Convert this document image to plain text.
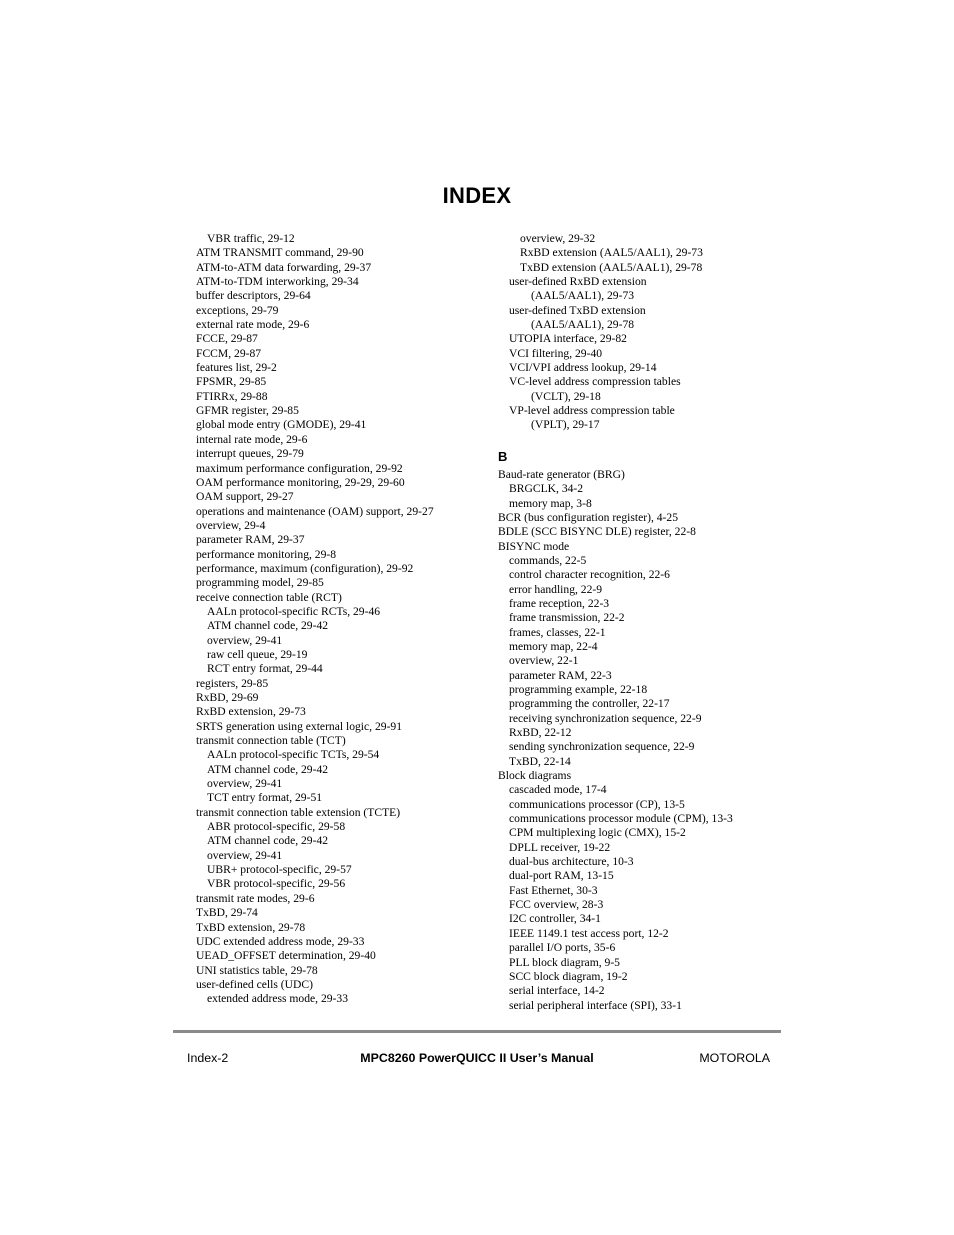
INDEX
VBR traffic, 29-12
ATM TRANSMIT command, 29-90
ATM-to-ATM data forwarding, 29-37
ATM-to-TDM interworking, 29-34
buffer descriptors, 29-64
exceptions, 29-79
external rate mode, 29-6
FCCE, 29-87
FCCM, 29-87
features list, 29-2
FPSMR, 29-85
FTIRRx, 29-88
GFMR register, 29-85
global mode entry (GMODE), 29-41
internal rate mode, 29-6
interrupt queues, 29-79
maximum performance configuration, 29-92
OAM performance monitoring, 29-29, 29-60
OAM support, 29-27
operations and maintenance (OAM) support, 29-27
overview, 29-4
parameter RAM, 29-37
performance monitoring, 29-8
performance, maximum (configuration), 29-92
programming model, 29-85
receive connection table (RCT)
AALn protocol-specific RCTs, 29-46
ATM channel code, 29-42
overview, 29-41
raw cell queue, 29-19
RCT entry format, 29-44
registers, 29-85
RxBD, 29-69
RxBD extension, 29-73
SRTS generation using external logic, 29-91
transmit connection table (TCT)
AALn protocol-specific TCTs, 29-54
ATM channel code, 29-42
overview, 29-41
TCT entry format, 29-51
transmit connection table extension (TCTE)
ABR protocol-specific, 29-58
ATM channel code, 29-42
overview, 29-41
UBR+ protocol-specific, 29-57
VBR protocol-specific, 29-56
transmit rate modes, 29-6
TxBD, 29-74
TxBD extension, 29-78
UDC extended address mode, 29-33
UEAD_OFFSET determination, 29-40
UNI statistics table, 29-78
user-defined cells (UDC)
extended address mode, 29-33
overview, 29-32
RxBD extension (AAL5/AAL1), 29-73
TxBD extension (AAL5/AAL1), 29-78
user-defined RxBD extension
(AAL5/AAL1), 29-73
user-defined TxBD extension
(AAL5/AAL1), 29-78
UTOPIA interface, 29-82
VCI filtering, 29-40
VCI/VPI address lookup, 29-14
VC-level address compression tables
(VCLT), 29-18
VP-level address compression table
(VPLT), 29-17
B
Baud-rate generator (BRG)
BRGCLK, 34-2
memory map, 3-8
BCR (bus configuration register), 4-25
BDLE (SCC BISYNC DLE) register, 22-8
BISYNC mode
commands, 22-5
control character recognition, 22-6
error handling, 22-9
frame reception, 22-3
frame transmission, 22-2
frames, classes, 22-1
memory map, 22-4
overview, 22-1
parameter RAM, 22-3
programming example, 22-18
programming the controller, 22-17
receiving synchronization sequence, 22-9
RxBD, 22-12
sending synchronization sequence, 22-9
TxBD, 22-14
Block diagrams
cascaded mode, 17-4
communications processor (CP), 13-5
communications processor module (CPM), 13-3
CPM multiplexing logic (CMX), 15-2
DPLL receiver, 19-22
dual-bus architecture, 10-3
dual-port RAM, 13-15
Fast Ethernet, 30-3
FCC overview, 28-3
I2C controller, 34-1
IEEE 1149.1 test access port, 12-2
parallel I/O ports, 35-6
PLL block diagram, 9-5
SCC block diagram, 19-2
serial interface, 14-2
serial peripheral interface (SPI), 33-1
Index-2	MPC8260 PowerQUICC II User’s Manual	MOTOROLA
